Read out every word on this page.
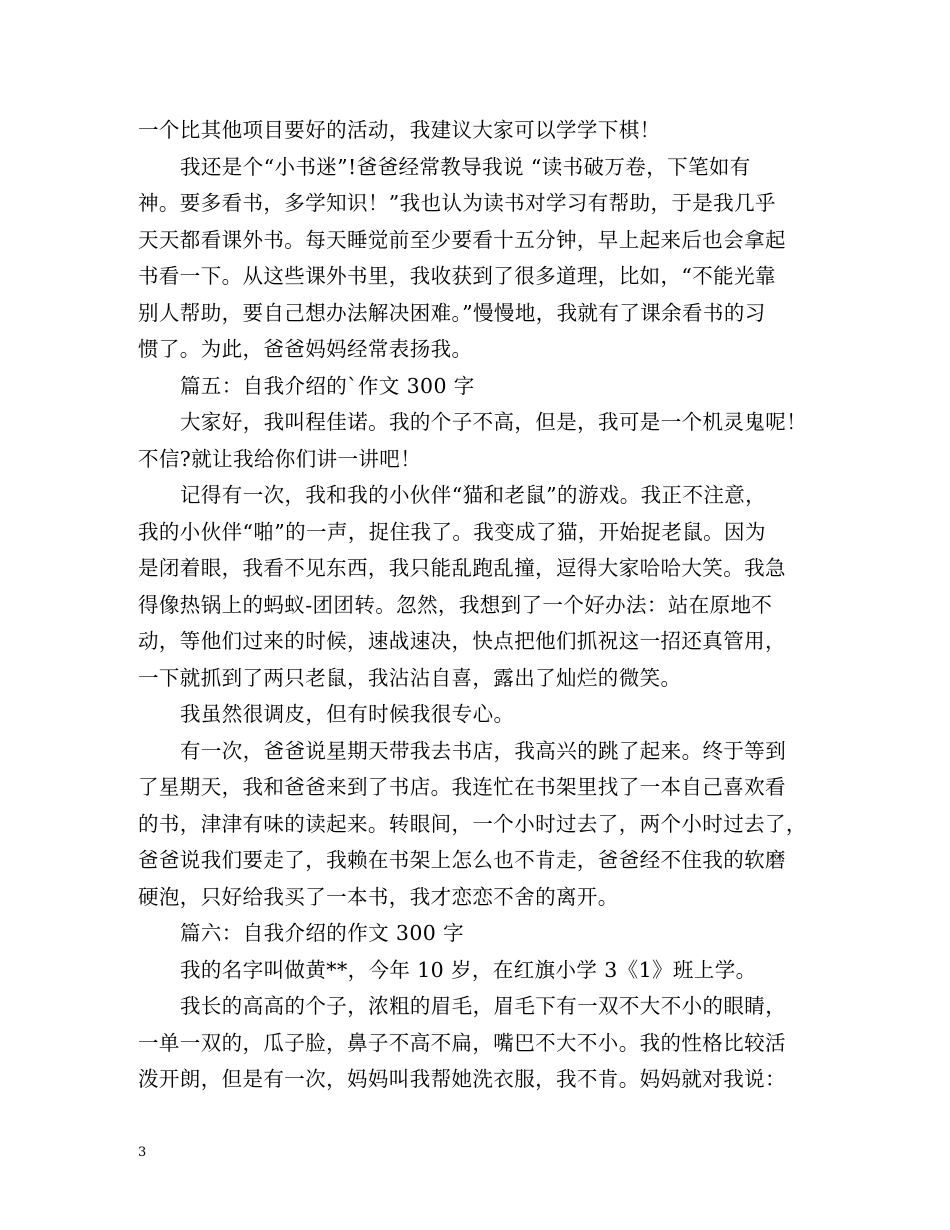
一个比其他项目要好的活动，我建议大家可以学学下棋！
我还是个“小书迷”!爸爸经常教导我说 “读书破万卷，下笔如有
神。要多看书，多学知识！”我也认为读书对学习有帮助，于是我几乎
天天都看课外书。每天睡觉前至少要看十五分钟，早上起来后也会拿起
书看一下。从这些课外书里，我收获到了很多道理，比如，“不能光靠
别人帮助，要自己想办法解决困难。”慢慢地，我就有了课余看书的习
惯了。为此，爸爸妈妈经常表扬我。
篇五：自我介绍的`作文 300 字
大家好，我叫程佳诺。我的个子不高，但是，我可是一个机灵鬼呢！
不信?就让我给你们讲一讲吧！
记得有一次，我和我的小伙伴“猫和老鼠”的游戏。我正不注意，
我的小伙伴“啪”的一声，捉住我了。我变成了猫，开始捉老鼠。因为
是闭着眼，我看不见东西，我只能乱跑乱撞，逗得大家哈哈大笑。我急
得像热锅上的蚂蚁-团团转。忽然，我想到了一个好办法：站在原地不
动，等他们过来的时候，速战速决，快点把他们抓祝这一招还真管用，
一下就抓到了两只老鼠，我沾沾自喜，露出了灿烂的微笑。
我虽然很调皮，但有时候我很专心。
有一次，爸爸说星期天带我去书店，我高兴的跳了起来。终于等到
了星期天，我和爸爸来到了书店。我连忙在书架里找了一本自己喜欢看
的书，津津有味的读起来。转眼间，一个小时过去了，两个小时过去了，
爸爸说我们要走了，我赖在书架上怎么也不肯走，爸爸经不住我的软磨
硬泡，只好给我买了一本书，我才恋恋不舍的离开。
篇六：自我介绍的作文 300 字
我的名字叫做黄**，今年 10 岁，在红旗小学 3《1》班上学。
我长的高高的个子，浓粗的眉毛，眉毛下有一双不大不小的眼睛，
一单一双的，瓜子脸，鼻子不高不扁，嘴巴不大不小。我的性格比较活
泼开朗，但是有一次，妈妈叫我帮她洗衣服，我不肯。妈妈就对我说：
3
